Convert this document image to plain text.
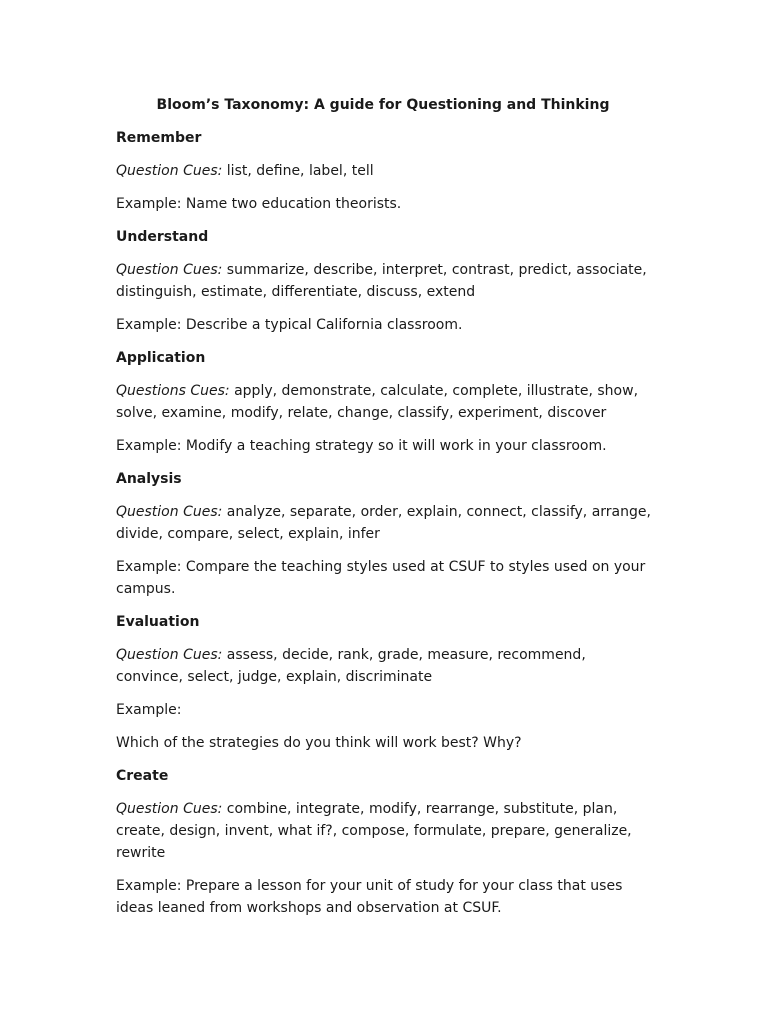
Bloom’s Taxonomy: A guide for Questioning and Thinking
Remember
Question Cues: list, define, label, tell
Example: Name two education theorists.
Understand
Question Cues: summarize, describe, interpret, contrast, predict, associate, distinguish, estimate, differentiate, discuss, extend
Example: Describe a typical California classroom.
Application
Questions Cues: apply, demonstrate, calculate, complete, illustrate, show, solve, examine, modify, relate, change, classify, experiment, discover
Example: Modify a teaching strategy so it will work in your classroom.
Analysis
Question Cues: analyze, separate, order, explain, connect, classify, arrange, divide, compare, select, explain, infer
Example: Compare the teaching styles used at CSUF to styles used on your campus.
Evaluation
Question Cues: assess, decide, rank, grade, measure, recommend, convince, select, judge, explain, discriminate
Example:
Which of the strategies do you think will work best? Why?
Create
Question Cues: combine, integrate, modify, rearrange, substitute, plan, create, design, invent, what if?, compose, formulate, prepare, generalize, rewrite
Example: Prepare a lesson for your unit of study for your class that uses ideas leaned from workshops and observation at CSUF.
